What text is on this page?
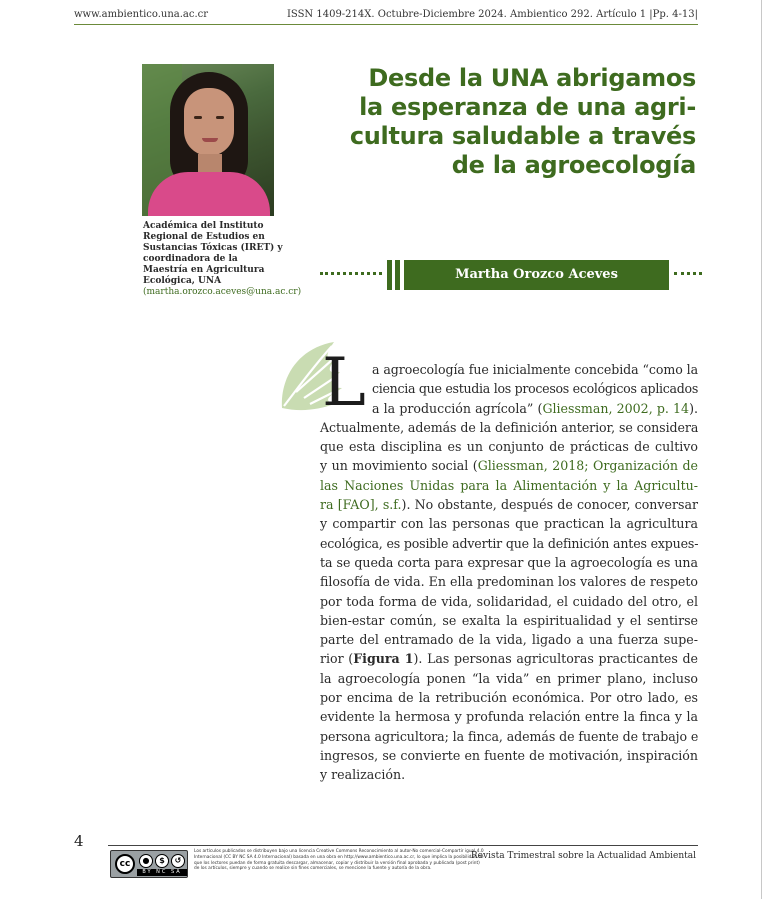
www.ambientico.una.ac.cr	ISSN 1409-214X. Octubre-Diciembre 2024. Ambientico 292. Artículo 1 |Pp. 4-13|
Académica del Instituto Regional de Estudios en Sustancias Tóxicas (IRET) y coordinadora de la Maestría en Agricultura Ecológica, UNA
(martha.orozco.aceves@una.ac.cr)
Desde la UNA abrigamos
la esperanza de una agri-
cultura saludable a través
de la agroecología
Martha Orozco Aceves
L a agroecología fue inicialmente concebida “como la
ciencia que estudia los procesos ecológicos aplicados
a la producción agrícola” (Gliessman, 2002, p. 14).
Actualmente, además de la definición anterior, se considera
que esta disciplina es un conjunto de prácticas de cultivo
y un movimiento social (Gliessman, 2018; Organización de
las Naciones Unidas para la Alimentación y la Agricultu-
ra [FAO], s.f.). No obstante, después de conocer, conversar
y compartir con las personas que practican la agricultura
ecológica, es posible advertir que la definición antes expues-
ta se queda corta para expresar que la agroecología es una
filosofía de vida. En ella predominan los valores de respeto
por toda forma de vida, solidaridad, el cuidado del otro, el
bien-estar común, se exalta la espiritualidad y el sentirse
parte del entramado de la vida, ligado a una fuerza supe-
rior (Figura 1). Las personas agricultoras practicantes de
la agroecología ponen “la vida” en primer plano, incluso
por encima de la retribución económica. Por otro lado, es
evidente la hermosa y profunda relación entre la finca y la
persona agricultora; la finca, además de fuente de trabajo e
ingresos, se convierte en fuente de motivación, inspiración
y realización.
4
cc	●	$	↺
BY NC SA
Los artículos publicados se distribuyen bajo una licencia Creative Commons Reconocimiento al autor-No comercial-Compartir igual 4.0 Internacional (CC BY NC SA 4.0 Internacional) basada en una obra en http://www.ambientico.una.ac.cr, lo que implica la posibilidad de que los lectores puedan de forma gratuita descargar, almacenar, copiar y distribuir la versión final aprobada y publicada (post print) de los artículos, siempre y cuando se realice sin fines comerciales, se mencione la fuente y autoría de la obra.
Revista Trimestral sobre la Actualidad Ambiental
